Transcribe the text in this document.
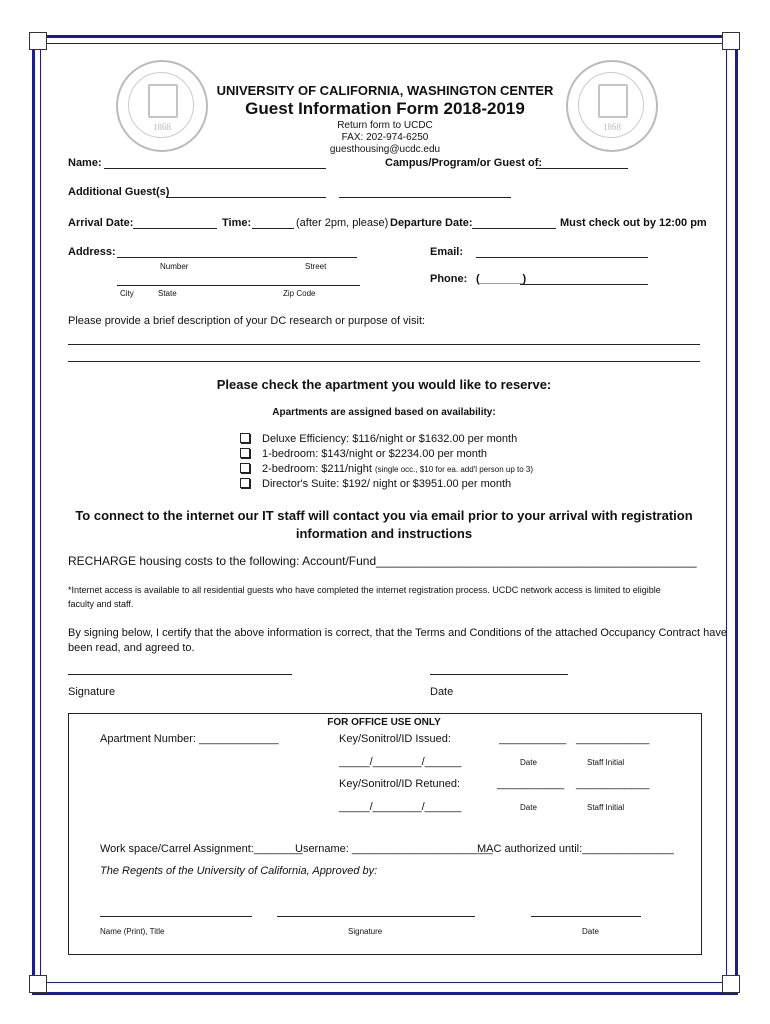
1868	1868
UNIVERSITY OF CALIFORNIA, WASHINGTON CENTER
Guest Information Form 2018-2019
Return form to UCDC
FAX: 202-974-6250
guesthousing@ucdc.edu
Name:	Campus/Program/or Guest of:
Additional Guest(s)
Arrival Date:	Time:	(after 2pm, please) Departure Date:	Must check out by 12:00 pm
Address:
Number	Street
City	State	Zip Code
Email:
Phone: (_______)
Please provide a brief description of your DC research or purpose of visit:
Please check the apartment you would like to reserve:
Apartments are assigned based on availability:
Deluxe Efficiency: $116/night or $1632.00 per month
1-bedroom: $143/night or $2234.00 per month
2-bedroom: $211/night (single occ., $10 for ea. add'l person up to 3)
Director's Suite: $192/ night or $3951.00 per month
To connect to the internet our IT staff will contact you via email prior to your arrival with registration
information and instructions
RECHARGE housing costs to the following: Account/Fund________________________________________________
*Internet access is available to all residential guests who have completed the internet registration process. UCDC network access is limited to eligible
faculty and staff.
By signing below, I certify that the above information is correct, that the Terms and Conditions of the attached Occupancy Contract have
been read, and agreed to.
Signature	Date
FOR OFFICE USE ONLY
Apartment Number: _____________	Key/Sonitrol/ID Issued:	___________ ____________
_____/________/______	Date	Staff Initial
Key/Sonitrol/ID Retuned:	___________ ____________
_____/________/______	Date	Staff Initial
Work space/Carrel Assignment:________
Username: _______________________
MAC authorized until:_______________
The Regents of the University of California, Approved by:
Name (Print), Title	Signature	Date
